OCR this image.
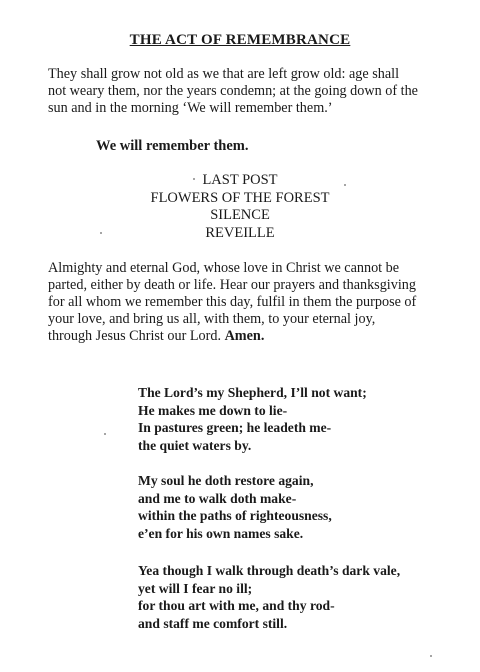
THE ACT OF REMEMBRANCE
They shall grow not old as we that are left grow old: age shall
not weary them, nor the years condemn; at the going down of the
sun and in the morning ‘We will remember them.’
We will remember them.
LAST POST
FLOWERS OF THE FOREST
SILENCE
REVEILLE
Almighty and eternal God, whose love in Christ we cannot be
parted, either by death or life. Hear our prayers and thanksgiving
for all whom we remember this day, fulfil in them the purpose of
your love, and bring us all, with them, to your eternal joy,
through Jesus Christ our Lord. Amen.
The Lord’s my Shepherd, I’ll not want;
He makes me down to lie-
In pastures green; he leadeth me-
the quiet waters by.
My soul he doth restore again,
and me to walk doth make-
within the paths of righteousness,
e’en for his own names sake.
Yea though I walk through death’s dark vale,
yet will I fear no ill;
for thou art with me, and thy rod-
and staff me comfort still.
